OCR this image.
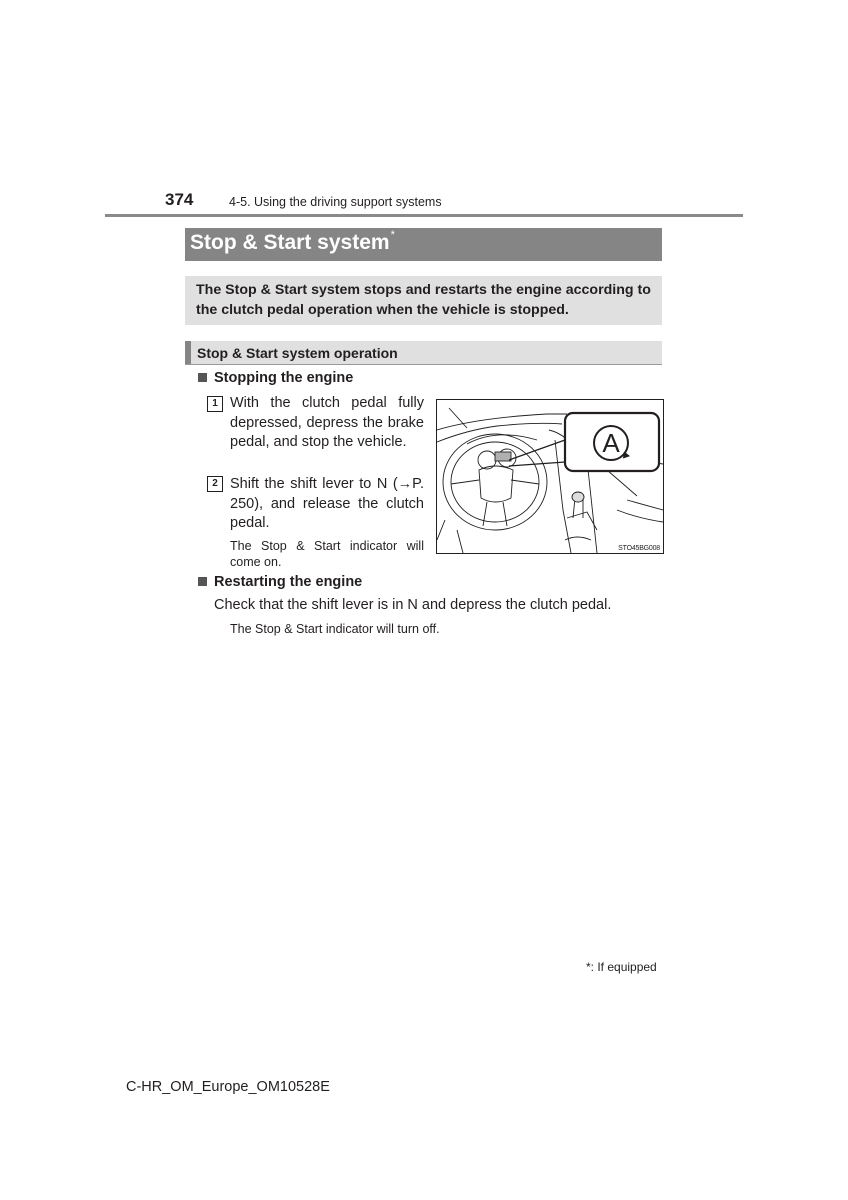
374	4-5. Using the driving support systems
Stop & Start system*
The Stop & Start system stops and restarts the engine according to the clutch pedal operation when the vehicle is stopped.
Stop & Start system operation
Stopping the engine
1 With the clutch pedal fully depressed, depress the brake pedal, and stop the vehicle.
2 Shift the shift lever to N (→P. 250), and release the clutch pedal.
The Stop & Start indicator will come on.
A
STO45BG008
Restarting the engine
Check that the shift lever is in N and depress the clutch pedal.
The Stop & Start indicator will turn off.
*: If equipped
C-HR_OM_Europe_OM10528E
